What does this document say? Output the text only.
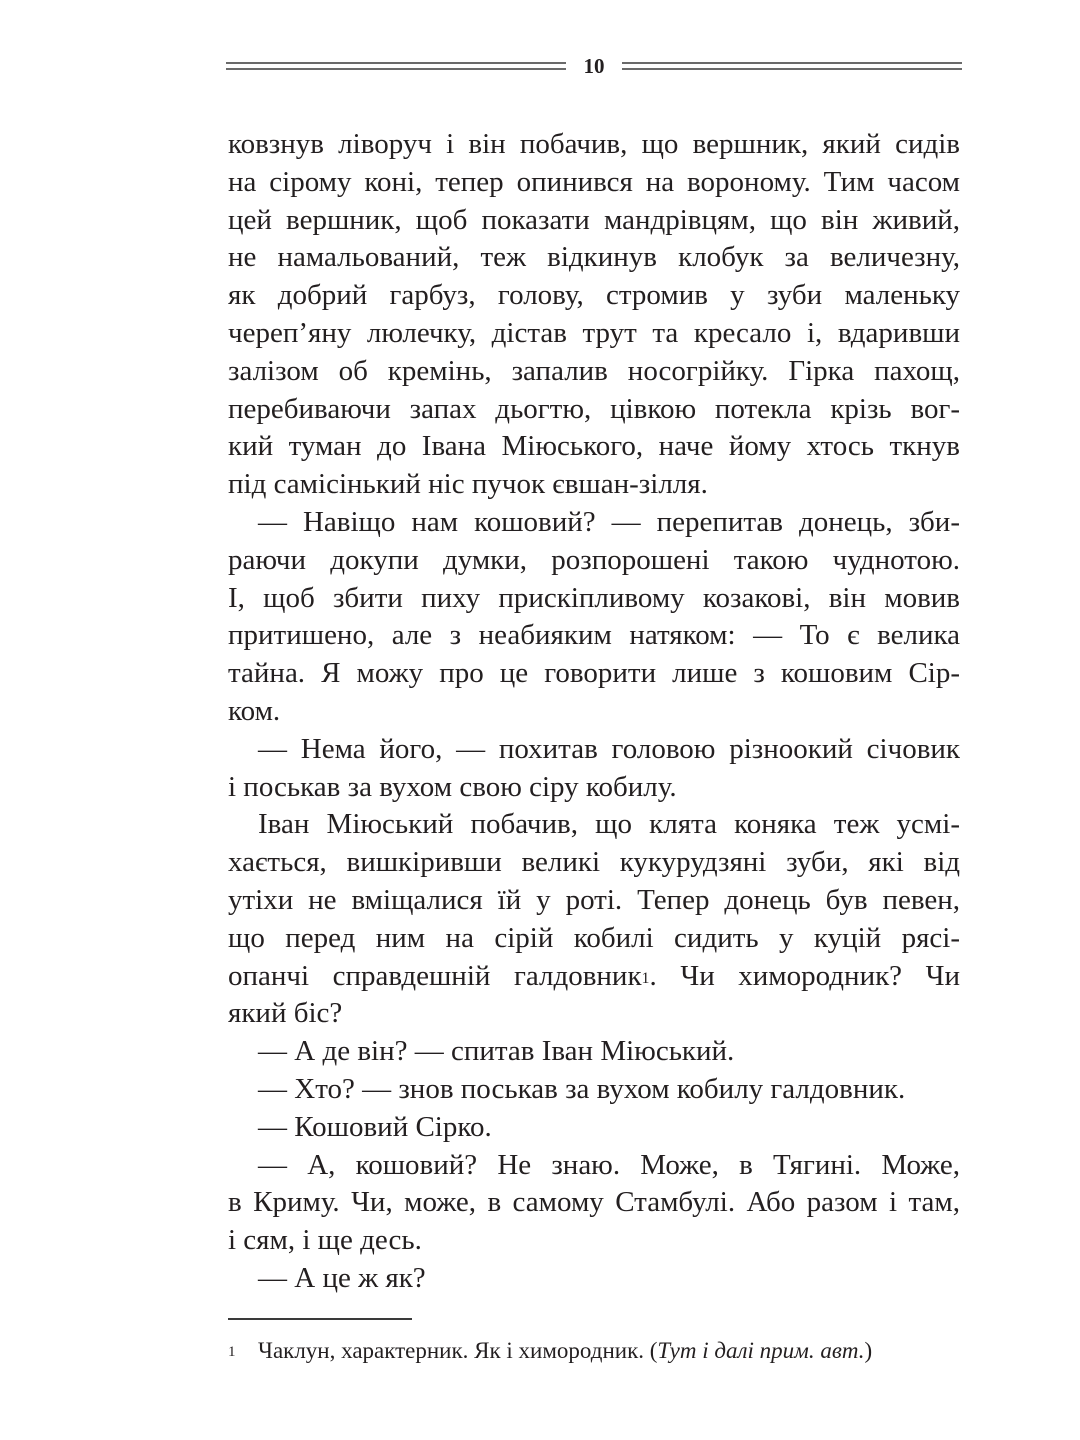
10
ковзнув ліворуч і він побачив, що вершник, який сидів
на сірому коні, тепер опинився на вороному. Тим часом
цей вершник, щоб показати мандрівцям, що він живий,
не намальований, теж відкинув клобук за величезну,
як добрий гарбуз, голову, стромив у зуби маленьку
череп’яну люлечку, дістав трут та кресало і, вдаривши
залізом об кремінь, запалив носогрійку. Гірка пахощ,
перебиваючи запах дьогтю, цівкою потекла крізь вог-
кий туман до Івана Міюського, наче йому хтось ткнув
під самісінький ніс пучок євшан-зілля.
— Навіщо нам кошовий? — перепитав донець, зби-
раючи докупи думки, розпорошені такою чуднотою.
І, щоб збити пиху прискіпливому козакові, він мовив
притишено, але з неабияким натяком: — То є велика
тайна. Я можу про це говорити лише з кошовим Сір-
ком.
— Нема його, — похитав головою різноокий січовик
і поськав за вухом свою сіру кобилу.
Іван Міюський побачив, що клята коняка теж усмі-
хається, вишкіривши великі кукурудзяні зуби, які від
утіхи не вміщалися їй у роті. Тепер донець був певен,
що перед ним на сірій кобилі сидить у куцій рясі-
опанчі справдешній галдовник$^1$. Чи химородник? Чи
який біс?
— А де він? — спитав Іван Міюський.
— Хто? — знов поськав за вухом кобилу галдовник.
— Кошовий Сірко.
— А, кошовий? Не знаю. Може, в Тягині. Може,
в Криму. Чи, може, в самому Стамбулі. Або разом і там,
і сям, і ще десь.
— А це ж як?
1 Чаклун, характерник. Як і химородник. (Тут і далі прим. авт.)
